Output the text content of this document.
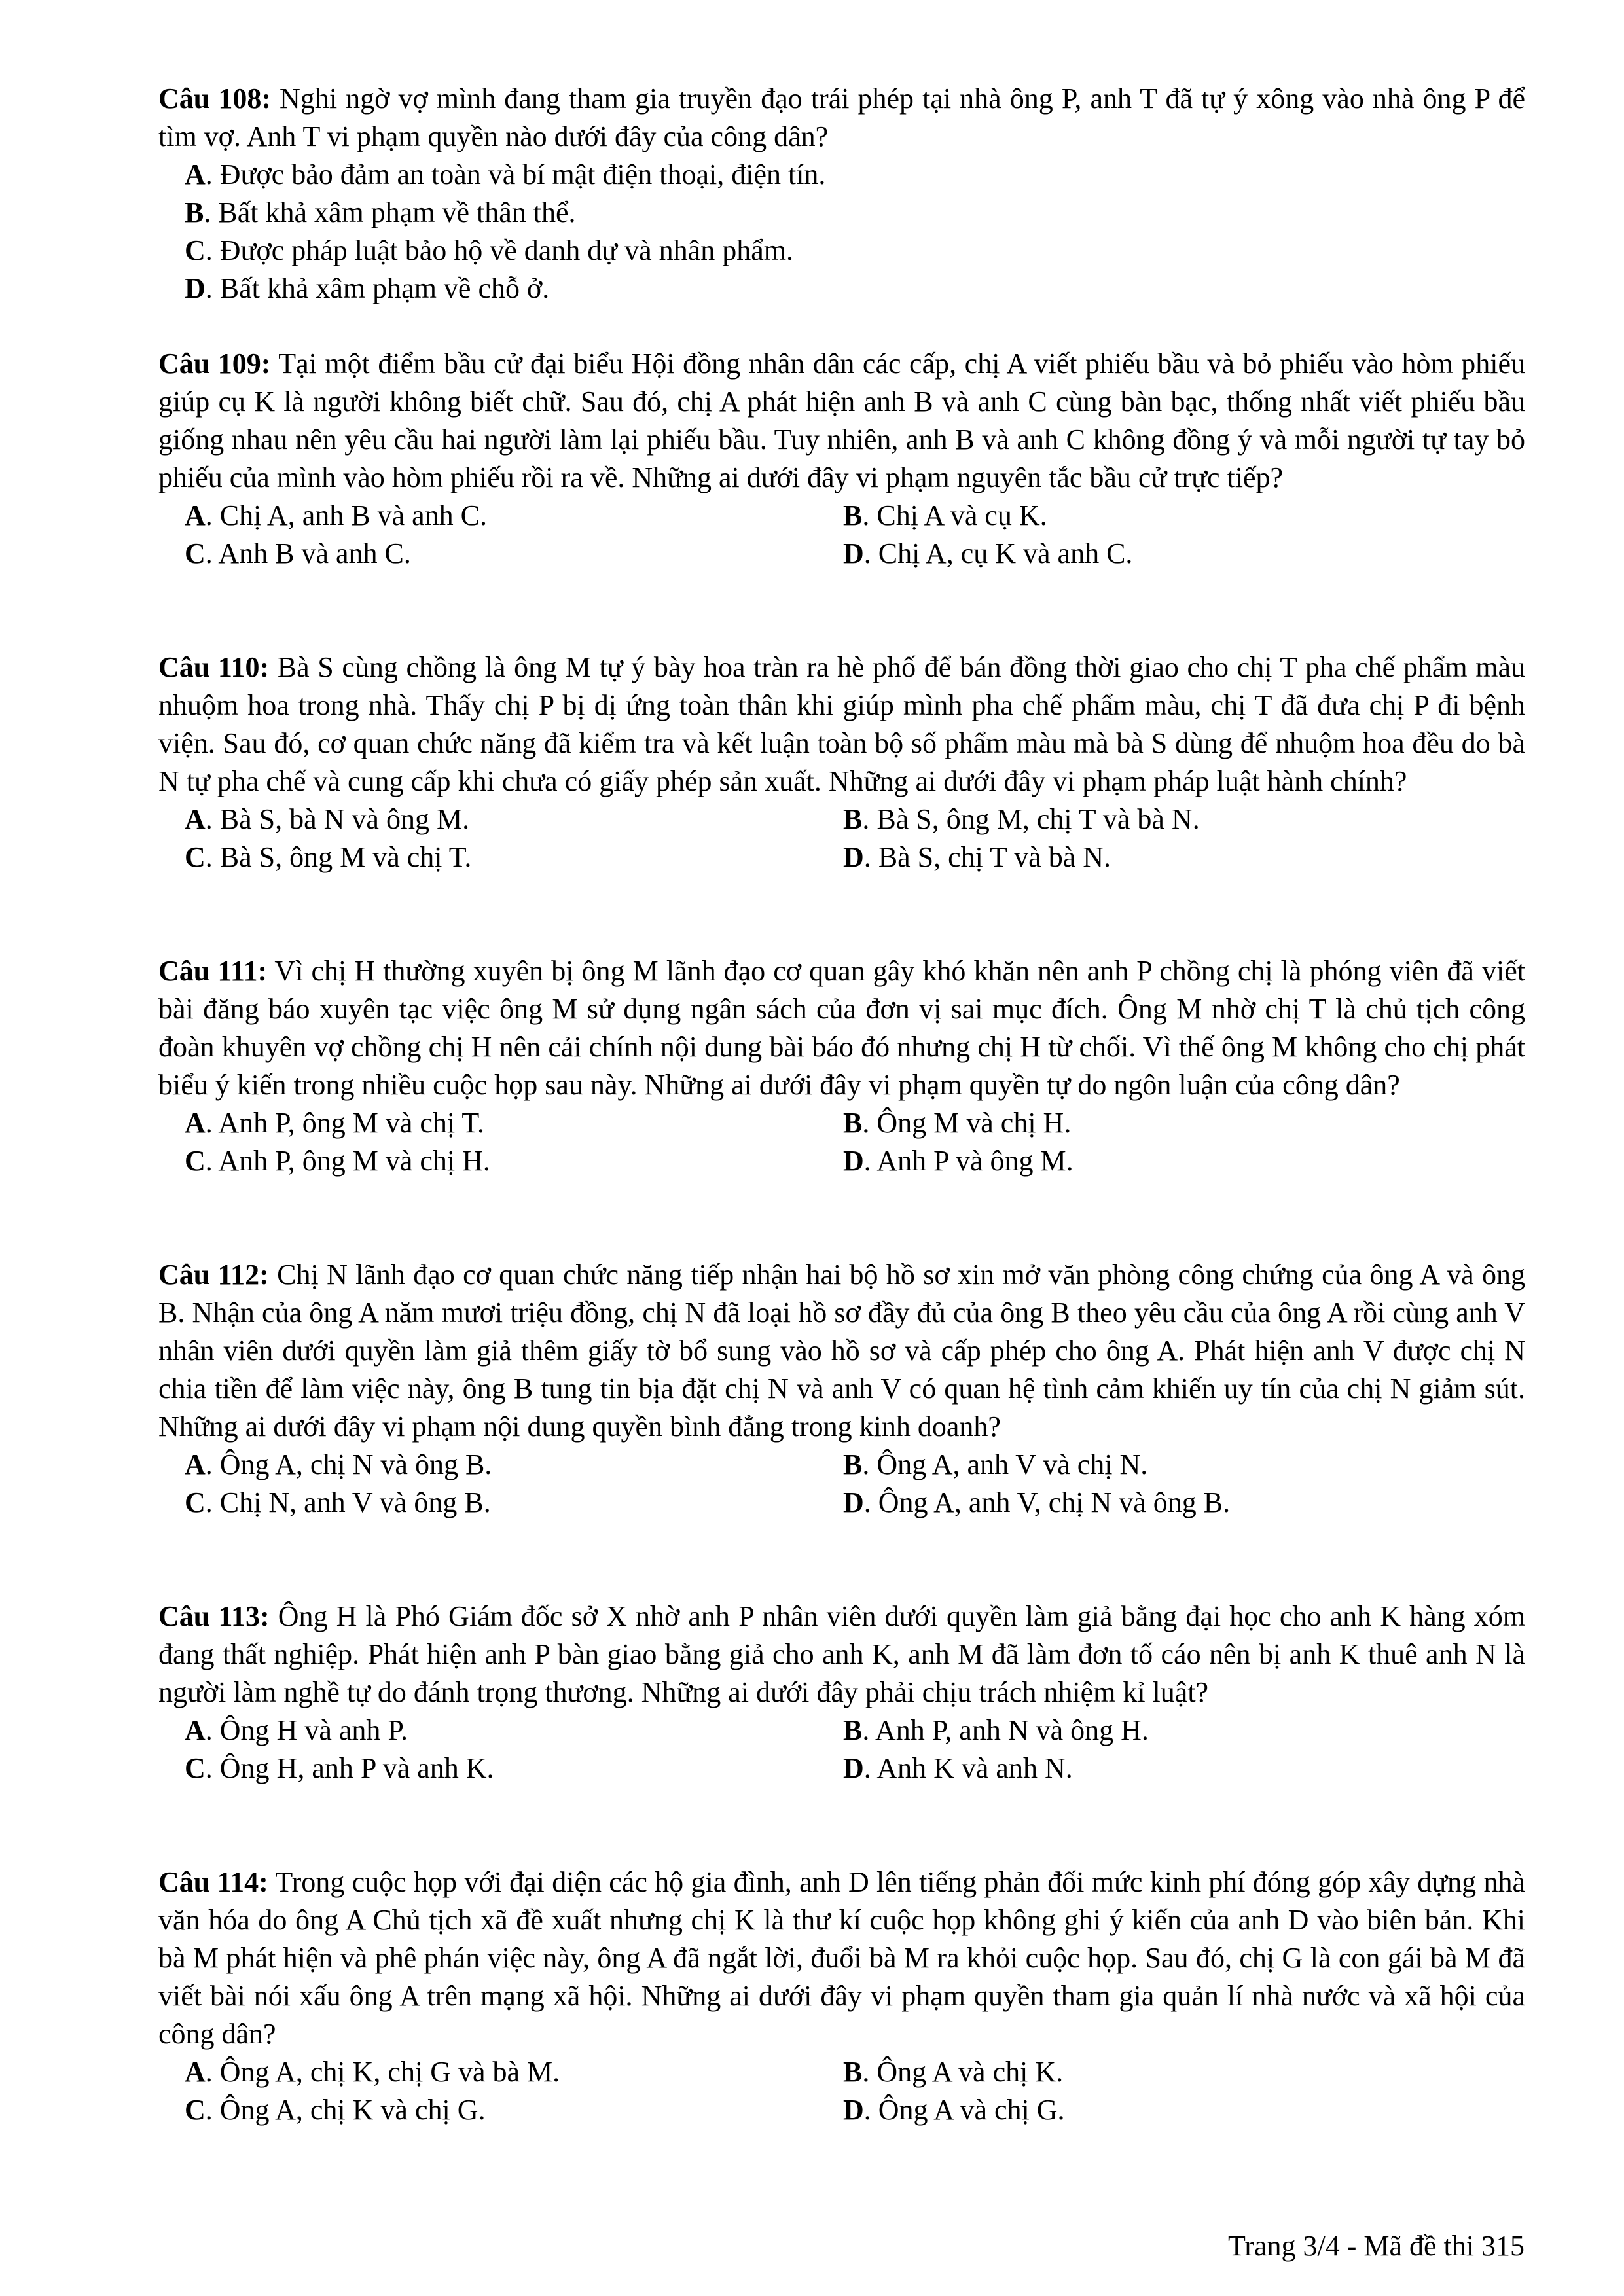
Câu 108: Nghi ngờ vợ mình đang tham gia truyền đạo trái phép tại nhà ông P, anh T đã tự ý xông vào nhà ông P để tìm vợ. Anh T vi phạm quyền nào dưới đây của công dân?

A. Được bảo đảm an toàn và bí mật điện thoại, điện tín.
B. Bất khả xâm phạm về thân thể.
C. Được pháp luật bảo hộ về danh dự và nhân phẩm.
D. Bất khả xâm phạm về chỗ ở.

Câu 109: Tại một điểm bầu cử đại biểu Hội đồng nhân dân các cấp, chị A viết phiếu bầu và bỏ phiếu vào hòm phiếu giúp cụ K là người không biết chữ. Sau đó, chị A phát hiện anh B và anh C cùng bàn bạc, thống nhất viết phiếu bầu giống nhau nên yêu cầu hai người làm lại phiếu bầu. Tuy nhiên, anh B và anh C không đồng ý và mỗi người tự tay bỏ phiếu của mình vào hòm phiếu rồi ra về. Những ai dưới đây vi phạm nguyên tắc bầu cử trực tiếp?

A. Chị A, anh B và anh C.	B. Chị A và cụ K.
C. Anh B và anh C.	D. Chị A, cụ K và anh C.

Câu 110: Bà S cùng chồng là ông M tự ý bày hoa tràn ra hè phố để bán đồng thời giao cho chị T pha chế phẩm màu nhuộm hoa trong nhà. Thấy chị P bị dị ứng toàn thân khi giúp mình pha chế phẩm màu, chị T đã đưa chị P đi bệnh viện. Sau đó, cơ quan chức năng đã kiểm tra và kết luận toàn bộ số phẩm màu mà bà S dùng để nhuộm hoa đều do bà N tự pha chế và cung cấp khi chưa có giấy phép sản xuất. Những ai dưới đây vi phạm pháp luật hành chính?

A. Bà S, bà N và ông M.	B. Bà S, ông M, chị T và bà N.
C. Bà S, ông M và chị T.	D. Bà S, chị T và bà N.

Câu 111: Vì chị H thường xuyên bị ông M lãnh đạo cơ quan gây khó khăn nên anh P chồng chị là phóng viên đã viết bài đăng báo xuyên tạc việc ông M sử dụng ngân sách của đơn vị sai mục đích. Ông M nhờ chị T là chủ tịch công đoàn khuyên vợ chồng chị H nên cải chính nội dung bài báo đó nhưng chị H từ chối. Vì thế ông M không cho chị phát biểu ý kiến trong nhiều cuộc họp sau này. Những ai dưới đây vi phạm quyền tự do ngôn luận của công dân?

A. Anh P, ông M và chị T.	B. Ông M và chị H.
C. Anh P, ông M và chị H.	D. Anh P và ông M.

Câu 112: Chị N lãnh đạo cơ quan chức năng tiếp nhận hai bộ hồ sơ xin mở văn phòng công chứng của ông A và ông B. Nhận của ông A năm mươi triệu đồng, chị N đã loại hồ sơ đầy đủ của ông B theo yêu cầu của ông A rồi cùng anh V nhân viên dưới quyền làm giả thêm giấy tờ bổ sung vào hồ sơ và cấp phép cho ông A. Phát hiện anh V được chị N chia tiền để làm việc này, ông B tung tin bịa đặt chị N và anh V có quan hệ tình cảm khiến uy tín của chị N giảm sút. Những ai dưới đây vi phạm nội dung quyền bình đẳng trong kinh doanh?

A. Ông A, chị N và ông B.	B. Ông A, anh V và chị N.
C. Chị N, anh V và ông B.	D. Ông A, anh V, chị N và ông B.

Câu 113: Ông H là Phó Giám đốc sở X nhờ anh P nhân viên dưới quyền làm giả bằng đại học cho anh K hàng xóm đang thất nghiệp. Phát hiện anh P bàn giao bằng giả cho anh K, anh M đã làm đơn tố cáo nên bị anh K thuê anh N là người làm nghề tự do đánh trọng thương. Những ai dưới đây phải chịu trách nhiệm kỉ luật?

A. Ông H và anh P.	B. Anh P, anh N và ông H.
C. Ông H, anh P và anh K.	D. Anh K và anh N.

Câu 114: Trong cuộc họp với đại diện các hộ gia đình, anh D lên tiếng phản đối mức kinh phí đóng góp xây dựng nhà văn hóa do ông A Chủ tịch xã đề xuất nhưng chị K là thư kí cuộc họp không ghi ý kiến của anh D vào biên bản. Khi bà M phát hiện và phê phán việc này, ông A đã ngắt lời, đuổi bà M ra khỏi cuộc họp. Sau đó, chị G là con gái bà M đã viết bài nói xấu ông A trên mạng xã hội. Những ai dưới đây vi phạm quyền tham gia quản lí nhà nước và xã hội của công dân?

A. Ông A, chị K, chị G và bà M.	B. Ông A và chị K.
C. Ông A, chị K và chị G.	D. Ông A và chị G.
Trang 3/4 - Mã đề thi 315
